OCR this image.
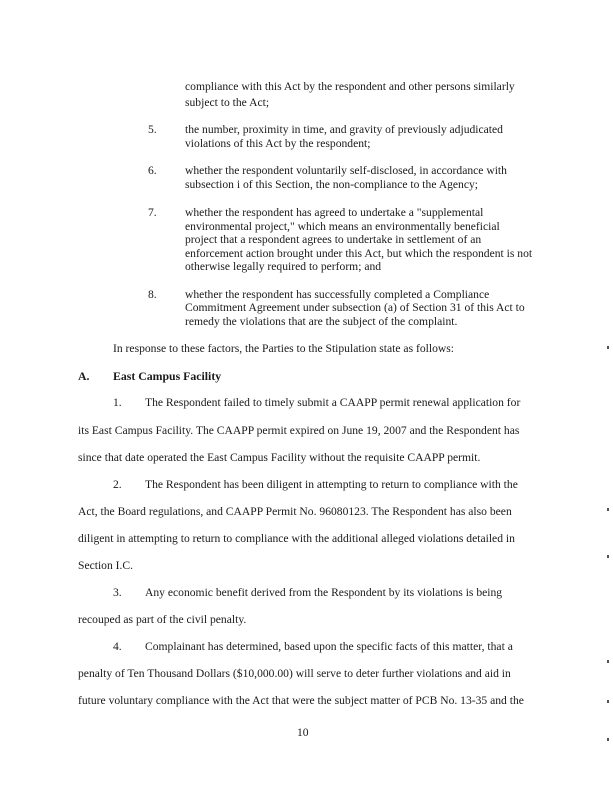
compliance with this Act by the respondent and other persons similarly
subject to the Act;
5. the number, proximity in time, and gravity of previously adjudicated
violations of this Act by the respondent;
6. whether the respondent voluntarily self-disclosed, in accordance with
subsection i of this Section, the non-compliance to the Agency;
7. whether the respondent has agreed to undertake a "supplemental
environmental project," which means an environmentally beneficial
project that a respondent agrees to undertake in settlement of an
enforcement action brought under this Act, but which the respondent is not
otherwise legally required to perform; and
8. whether the respondent has successfully completed a Compliance
Commitment Agreement under subsection (a) of Section 31 of this Act to
remedy the violations that are the subject of the complaint.
In response to these factors, the Parties to the Stipulation state as follows:
A. East Campus Facility
1. The Respondent failed to timely submit a CAAPP permit renewal application for
its East Campus Facility. The CAAPP permit expired on June 19, 2007 and the Respondent has
since that date operated the East Campus Facility without the requisite CAAPP permit.
2. The Respondent has been diligent in attempting to return to compliance with the
Act, the Board regulations, and CAAPP Permit No. 96080123. The Respondent has also been
diligent in attempting to return to compliance with the additional alleged violations detailed in
Section I.C.
3. Any economic benefit derived from the Respondent by its violations is being
recouped as part of the civil penalty.
4. Complainant has determined, based upon the specific facts of this matter, that a
penalty of Ten Thousand Dollars ($10,000.00) will serve to deter further violations and aid in
future voluntary compliance with the Act that were the subject matter of PCB No. 13-35 and the
10
